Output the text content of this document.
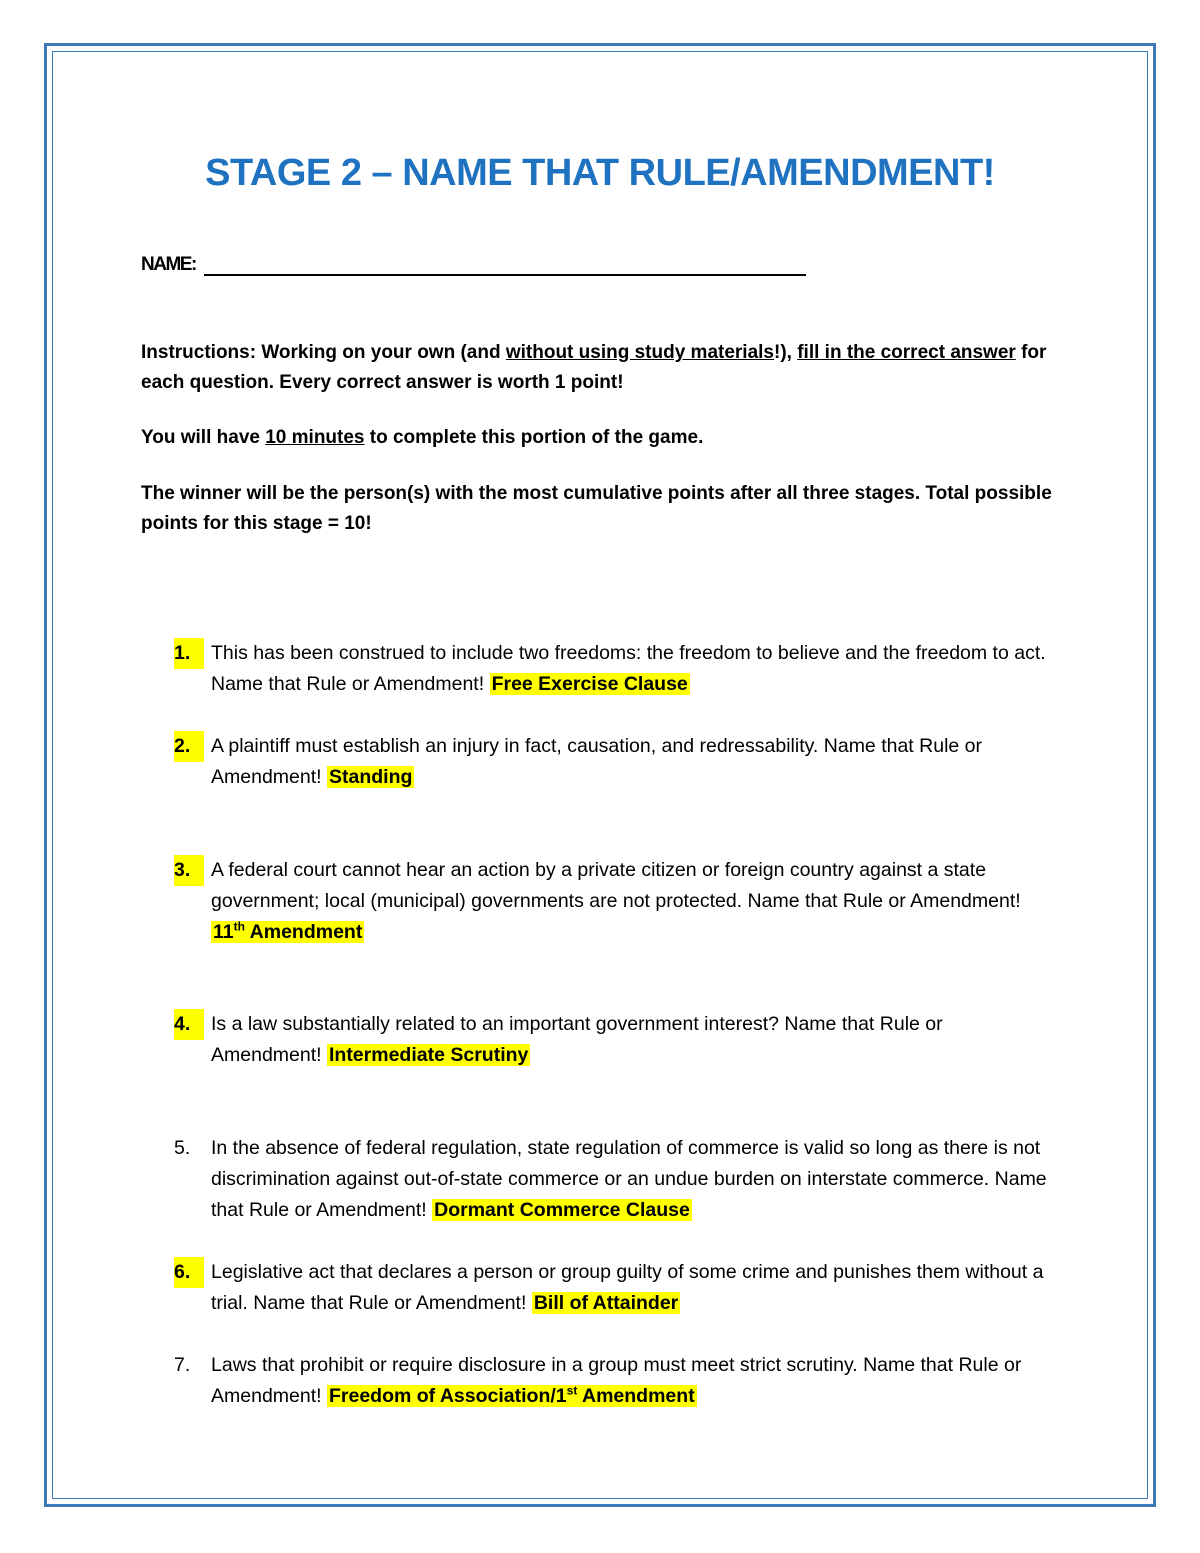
STAGE 2 – NAME THAT RULE/AMENDMENT!
NAME:
Instructions: Working on your own (and without using study materials!), fill in the correct answer for each question. Every correct answer is worth 1 point!
You will have 10 minutes to complete this portion of the game.
The winner will be the person(s) with the most cumulative points after all three stages. Total possible points for this stage = 10!
1.	This has been construed to include two freedoms: the freedom to believe and the freedom to act. Name that Rule or Amendment! Free Exercise Clause
2.	A plaintiff must establish an injury in fact, causation, and redressability. Name that Rule or Amendment! Standing
3.	A federal court cannot hear an action by a private citizen or foreign country against a state government; local (municipal) governments are not protected. Name that Rule or Amendment! 11th Amendment
4.	Is a law substantially related to an important government interest? Name that Rule or Amendment! Intermediate Scrutiny
5.	In the absence of federal regulation, state regulation of commerce is valid so long as there is not discrimination against out-of-state commerce or an undue burden on interstate commerce. Name that Rule or Amendment! Dormant Commerce Clause
6.	Legislative act that declares a person or group guilty of some crime and punishes them without a trial. Name that Rule or Amendment! Bill of Attainder
7.	Laws that prohibit or require disclosure in a group must meet strict scrutiny. Name that Rule or Amendment! Freedom of Association/1st Amendment
